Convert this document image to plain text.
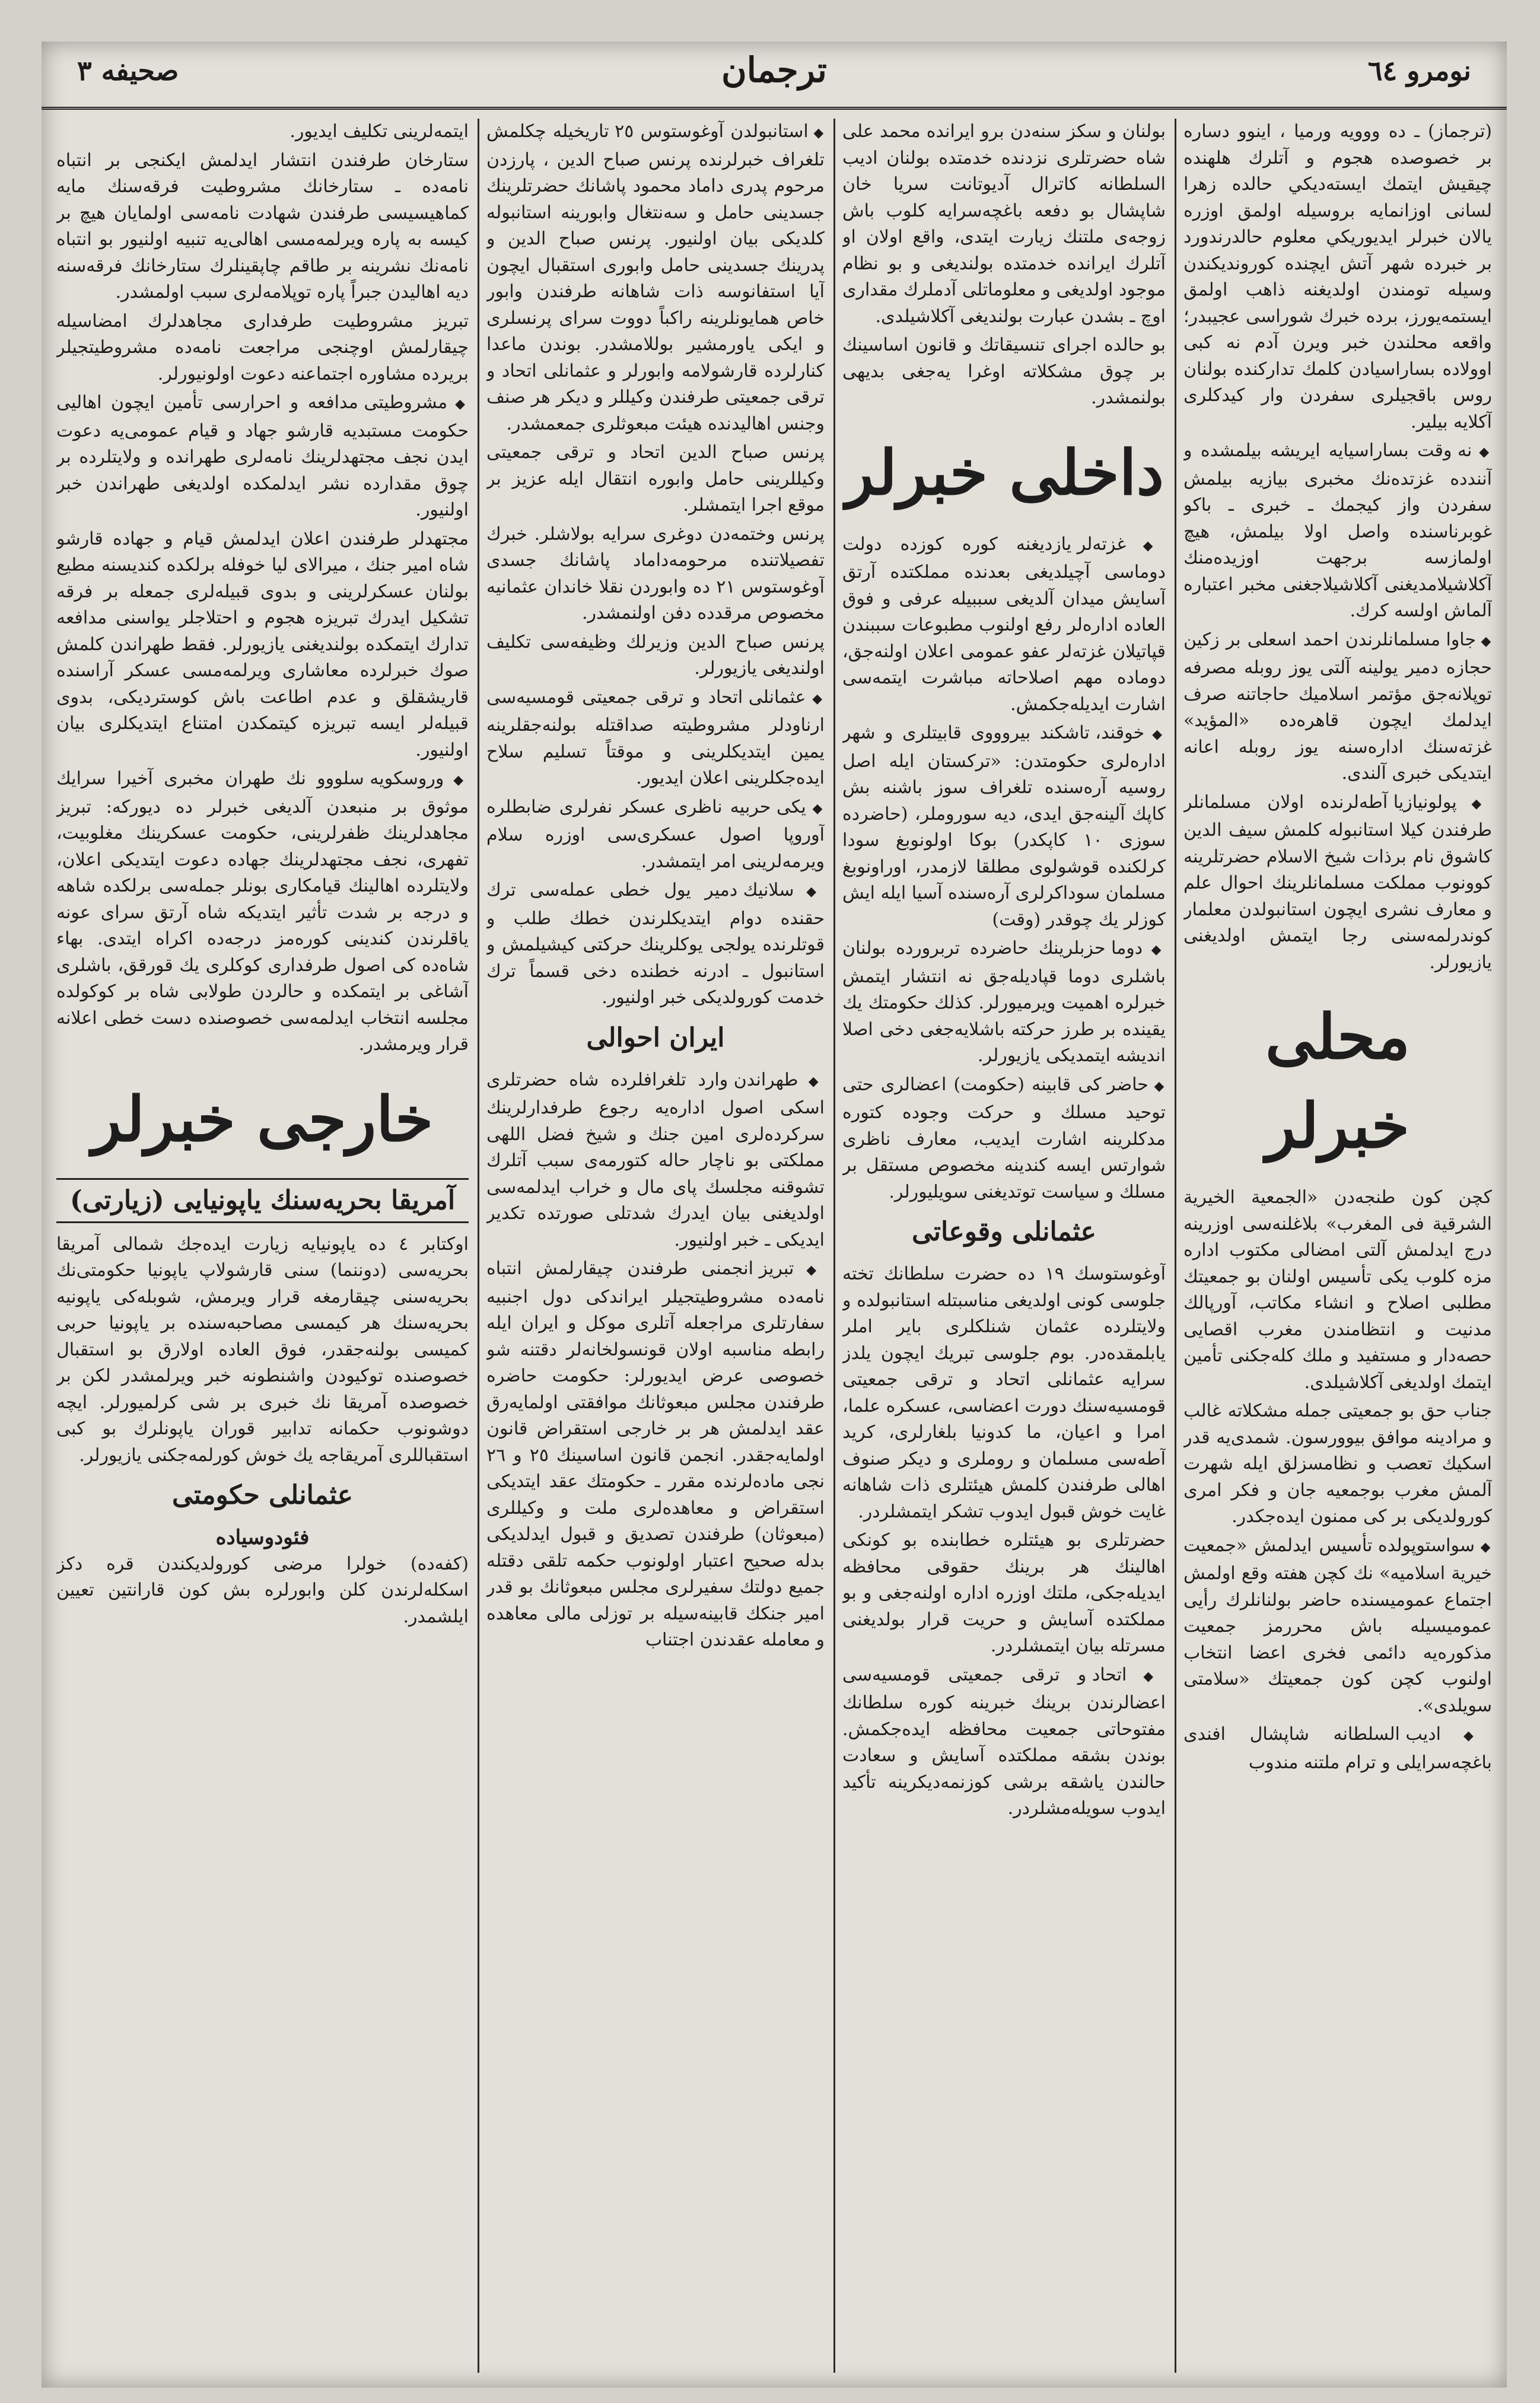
صحيفه ٣	ترجمان	نومرو ٦٤

(ترجماز) ـ ده ووويه ورميا ، اينوو دساره بر خصوصده هجوم و آتلرك هلهنده چيقيش ايتمك ايسته‌ديكي حالده زهرا لسانی اوزانمايه بروسيله اولمق اوزره يالان خبرلر ايديوريكي معلوم حالدرندورد بر خبرده شهر آتش ايچنده كورونديكندن وسيله تومندن اولديغنه ذاهب اولمق ايستمه‌يورز، برده خبرك شوراسی عجيبدر؛ واقعه محلندن خبر ويرن آدم نه كبی اوولاده بساراسيادن كلمك تداركنده بولنان روس باقجيلری سفردن وار كيدکلری آكلايه بيلير.

◆ نه وقت بساراسيايه ايريشه بيلمشده و آنندده غزتده‌نك مخبرى بيازيه بيلمش سفردن واز كيجمك ـ خبری ـ باكو غوبرناسنده واصل اولا بيلمش، هيچ اولمازسه برجهت اوزيده‌منك آكلاشيلامديغنی آكلاشيلاجغنی مخبر اعتباره آلماش اولسه كرك.

◆ جاوا مسلمانلرندن احمد اسعلی بر زكين حجازه دمير يولینه آلتی يوز روبله مصرفه توپلانه‌جق مؤتمر اسلاميك حاجاتنه صرف ايدلمك ايچون قاهره‌ده «المؤيد» غزته‌سنك ادارەسنه يوز روبله اعانه ايتديكی خبرى آلندی.

◆ پولونيازيا آطه‌لرنده اولان مسلمانلر طرفندن كيلا استانبوله كلمش سيف الدين كاشوق نام برذات شيخ الاسلام حضرتلرينه كوونوب مملكت مسلمانلرينك احوال علم و معارف نشری ايچون استانبولدن معلمار كوندرلمه‌سنی رجا ايتمش اولديغنی يازيورلر.

محلی خبرلر

كچن كون طنجه‌دن «الجمعية الخيرية الشرقية فی المغرب» بلاغلنه‌سى اوزرينه درج ايدلمش آلتی امضالی مكتوب اداره مزه كلوب يكی تأسيس اولنان بو جمعيتك مطلبی اصلاح و انشاء مكاتب، آورپالك مدنيت و انتظامندن مغرب اقصايی حصه‌دار و مستفيد و ملك كلەجكنی تأمين ايتمك اولديغی آكلاشيلدی.

جناب حق بو جمعيتی جمله مشكلاته غالب و مرادينه موافق بيوورسون. شمدی‌يه قدر اسكيك تعصب و نظامسزلق ايله شهرت آلمش مغرب بوجمعيه جان و فكر امری كورولديكی بر كى ممنون ايده‌جكدر.

◆ سواستوپولده تأسيس ايدلمش «جمعيت خيرية اسلاميه» نك كچن هفته وقع اولمش اجتماع عموميسنده حاضر بولنانلرك رأيی عموميسيله باش محررمز جمعيت مذكوره‌يه دائمى فخرى اعضا انتخاب اولنوب كچن كون جمعيتك «سلامتی سويلدی».

◆ ادیب السلطانه شاپشال افندی باغچه‌سرايلی و ترام ملتنه مندوب

بولنان و سكز سنه‌دن برو ايرانده محمد علی شاه حضرتلری نزدنده خدمتده بولنان اديب السلطانه كاترال آديوتانت سريا خان شاپشال بو دفعه باغچه‌سرايه كلوب باش زوجه‌ی ملتنك زيارت ايتدی، واقع اولان او آتلرك ايرانده خدمتده بولنديغی و بو نظام موجود اولديغی و معلوماتلی آدملرك مقداری اوچ ـ بشدن عبارت بولنديغی آكلاشيلدی.

بو حالده اجرای تنسيقاتك و قانون اساسينك بر چوق مشكلاته اوغرا يه‌جغی بديهی بولنمشدر.

داخلی خبرلر

◆ غزته‌لر يازديغنه كوره كوزده دولت دوماسی آچيلديغی بعدنده مملكتده آرتق آسايش ميدان آلديغی سببيله عرفی و فوق العاده ادارەلر رفع اولنوب مطبوعات سببندن قپاتيلان غزته‌لر عفو عمومی اعلان اولنه‌جق، دوماده مهم اصلاحاته مباشرت ايتمه‌سی اشارت ايديلەجكمش.

◆ خوقند، تاشكند بيروووی قابيتلری و شهر اداره‌لری حكومتدن: «تركستان ايله اصل روسيه آره‌سنده تلغراف سوز باشنه بش كاپك آلينه‌جق ايدی، ديه سوروملر، (حاضرده سوزی ١٠ كاپكدر) بوكا اولونوبغ سودا كرلكنده قوشولوی مطلقا لازمدر، اوراونوبغ مسلمان سوداكرلری آره‌سنده آسيا ايله ايش كوزلر يك چوقدر (وقت)

◆ دوما حزبلرينك حاضرده تربرورده بولنان باشلری دوما قپاديله‌جق نه انتشار ايتمش خبرلره اهميت ويرميورلر. كذلك حكومتك يك يقينده بر طرز حركته باشلايەجغی دخى اصلا انديشه ايتمديكی يازيورلر.

◆ حاضر كی قابينه (حكومت) اعضالری حتى توحيد مسلك و حركت وجوده كتوره مدكلرينه اشارت ايديب، معارف ناظری شوارتس ايسه كندينه مخصوص مستقل بر مسلك و سياست توتديغنی سويليورلر.

عثمانلی وقوعاتی

آوغوستوسك ١٩ ده حضرت سلطانك تخته جلوسی كونی اولديغی مناسبتله استانبولده و ولايتلرده عثمان شنلكلری باير املر يابلمقده‌در. بوم جلوسی تبريك ايچون يلدز سرايه عثمانلی اتحاد و ترقی جمعيتی قومسيه‌سنك دورت اعضاسی، عسكره علما، امرا و اعيان، ما كدونيا بلغارلری، كريد آطه‌سی مسلمان و روملری و ديكر صنوف اهالی طرفندن كلمش هيئتلری ذات شاهانه غايت خوش قبول ايدوب تشكر ايتمشلردر.

حضرتلری بو هيئتلره خطابنده بو كونكی اهالينك هر برينك حقوقی محافظه ايديله‌جكی، ملتك اوزره ادارە اولنه‌جغی و بو مملكتده آسايش و حريت قرار بولديغنی مسرتله بيان ايتمشلردر.

◆ اتحاد و ترقی جمعيتی قومسيه‌سی اعضالرندن برينك خبرينه كوره سلطانك مفتوحاتی جمعيت محافظه ايده‌جكمش. بوندن بشقه مملكتده آسايش و سعادت حالندن ياشقه برشی كوزنمه‌ديكرينه تأكيد ايدوب سويلەمشلردر.

◆ استانبولدن آوغوستوس ٢٥ تاريخیله چكلمش تلغراف خبرلرنده پرنس صباح الدين ، پارزدن مرحوم پدری داماد محمود پاشانك حضرتلرينك جسدینی حامل و سه‌نتغال وابورينه استانبوله كلديكی بيان اولنيور. پرنس صباح الدين و پدرينك جسدينی حامل وابوری استقبال ايچون آيا استفانوسه ذات شاهانه طرفندن وابور خاص همايونلرينه راكباً دووت سرای پرنسلری و ايكی ياورمشير بوللامشدر. بوندن ماعدا كنارلرده قارشولامه وابورلر و عثمانلی اتحاد و ترقی جمعيتی طرفندن وكيللر و ديكر هر صنف وجنس اهاليدنده هيئت مبعوثلری جمعمشدر.

پرنس صباح الدين اتحاد و ترقی جمعيتی وكيللرينی حامل وابوره انتقال ايله عزيز بر موقع اجرا ايتمشلر.

پرنس وختمه‌دن دوغری سرايه بولاشلر. خبرك تفصيلاتنده مرحومه‌داماد پاشانك جسدی آوغوستوس ٢١ ده وابوردن نقلا خاندان عثمانيه مخصوص مرقدده دفن اولنمشدر.

پرنس صباح الدين وزيرلك وظيفه‌سی تكليف اولنديغی يازيورلر.

◆ عثمانلی اتحاد و ترقی جمعيتی قومسيه‌سی ارناودلر مشروطيته صداقتله بولنه‌جقلرينه يمين ايتديكلرينی و موقتاً تسليم سلاح ايدەجكلرينی اعلان ايديور.

◆ يكی حربيه ناظری عسكر نفرلری ضابطلره آوروپا اصول عسكری‌سی اوزره سلام ويرمه‌لرينی امر ايتمشدر.

◆ سلانيك دمير يول خطی عمله‌سی ترك حقنده دوام ايتديكلرندن خطك طلب و قوتلرنده يولجی يوكلرينك حركتی كيشيلمش و استانبول ـ ادرنه خطنده دخی قسماً ترك خدمت كورولديكی خبر اولنيور.

ايران احوالی

◆ طهراندن وارد تلغرافلرده شاه حضرتلری اسكی اصول اداره‌يه رجوع طرفدارلرينك سركرده‌لری امين جنك و شيخ فضل اللهی مملكتی بو ناچار حاله كتورمه‌ی سبب آتلرك تشوقنه مجلسك پای مال و خراب ايدلمه‌سی اولديغنی بيان ايدرك شدتلی صورتده تكدير ايديكی ـ خبر اولنيور.

◆ تبريز انجمنی طرفندن چيقارلمش انتباه نامه‌ده مشروطيتجيلر ايراندكی دول اجنبيه سفارتلری مراجعله آتلری موكل و ايران ايله رابطه مناسبه اولان قونسولخانه‌لر دقتنه شو خصوصی عرض ايديورلر: حكومت حاضره طرفندن مجلس مبعوثانك موافقتی اولمايه‌رق عقد ايدلمش هر بر خارجی استقراض قانون اولمايه‌جقدر. انجمن قانون اساسينك ٢٥ و ٢٦ نجی ماده‌لرنده مقرر ـ حكومتك عقد ايتديكی استقراض و معاهده‌لری ملت و وكيللری (مبعوثان) طرفندن تصديق و قبول ايدلديكی بدله صحيح اعتبار اولونوب حكمه تلقی دقتله جميع دولتك سفيرلری مجلس مبعوثانك بو قدر امير جنكك قابينه‌سيله بر توزلی مالی معاهده و معامله عقدندن اجتناب

ايتمه‌لرينی تكليف ايديور.

ستارخان طرفندن انتشار ايدلمش ايكنجی بر انتباه نامه‌ده ـ ستارخانك مشروطيت فرقه‌سنك مايه كماهيسيسی طرفندن شهادت نامه‌سی اولمايان هيچ بر كيسه به پاره ويرلمه‌مسی اهالی‌يه تنبيه اولنيور بو انتباه نامه‌نك نشرينه بر طاقم چاپقينلرك ستارخانك فرقه‌سنه ديه اهاليدن جبراً پاره توپلامه‌لری سبب اولمشدر.

تبريز مشروطيت طرفداری مجاهدلرك امضاسيله چيقارلمش اوچنجی مراجعت نامه‌ده مشروطيتجيلر بريرده مشاوره اجتماعنه دعوت اولونيورلر.

◆ مشروطيتی مدافعه و احرارسی تأمين ايچون اهاليی حكومت مستبديه قارشو جهاد و قيام عمومی‌يه دعوت ايدن نجف مجتهدلرينك نامه‌لری طهرانده و ولايتلرده بر چوق مقدارده نشر ايدلمكده اولديغی طهراندن خبر اولنيور.

مجتهدلر طرفندن اعلان ايدلمش قيام و جهاده قارشو شاه امير جنك ، ميرالای ليا خوفله برلكده كنديسنه مطيع بولنان عسكرلرينی و بدوی قبيله‌لری جمعله بر فرقه تشكيل ايدرك تبريزه هجوم و احتلاجلر يواسنی مدافعه تدارك ايتمكده بولنديغنی يازيورلر. فقط طهراندن كلمش صوك خبرلرده معاشاری ويرلمه‌مسی عسكر آراسنده قاريشقلق و عدم اطاعت باش كوسترديكی، بدوی قبيله‌لر ايسه تبريزه كيتمكدن امتناع ايتديكلری بيان اولنيور.

◆ وروسكويه سلووو نك طهران مخبری آخيرا سرايك موثوق بر منبعدن آلديغی خبرلر ده ديوركه: تبريز مجاهدلرينك ظفرلرينی، حكومت عسكرينك مغلوبيت، تفهری، نجف مجتهدلرينك جهاده دعوت ايتديكی اعلان، ولايتلرده اهالينك قيامكاری بونلر جمله‌سی برلكده شاهه و درجه بر شدت تأثير ايتديكه شاه آرتق سرای عونه ياقلرندن كندينی كوره‌مز درجه‌ده اكراه ايتدی. بهاء شاه‌ده كی اصول طرفداری كوكلری يك قورقق، باشلری آشاغی بر ايتمكده و حالردن طولابی شاه بر كوكولده مجلسه انتخاب ايدلمه‌سی خصوصنده دست خطی اعلانه قرار ويرمشدر.

خارجی خبرلر
آمريقا بحريه‌سنك ياپونيايی (زيارتی)

اوكتابر ٤ ده ياپونيايه زيارت ايده‌جك شمالی آمريقا بحريه‌سی (دوننما) سنی قارشولاپ ياپونيا حكومتی‌نك بحريه‌سنی چيقارمغه قرار ويرمش، شوبلەكی ياپونيه بحريه‌سنك هر كيمسی مصاحبه‌سنده بر ياپونيا حربی كميسی بولنه‌جقدر، فوق العاده اولارق بو استقبال خصوصنده توكيودن واشنطونه خبر ويرلمشدر لكن بر خصوصده آمريقا نك خبری بر شی كرلميورلر. ايچه دوشونوب حكمانه تدابير قوران ياپونلرك بو كبی استقباللری آمريقاجه يك خوش كورلمه‌جكنی يازيورلر.

عثمانلی حكومتی
فئودوسياده

(كفه‌ده) خولرا مرضی كورولديكندن قره دكز اسكله‌لرندن كلن وابورلره بش كون قارانتين تعيين ايلشمدر.
